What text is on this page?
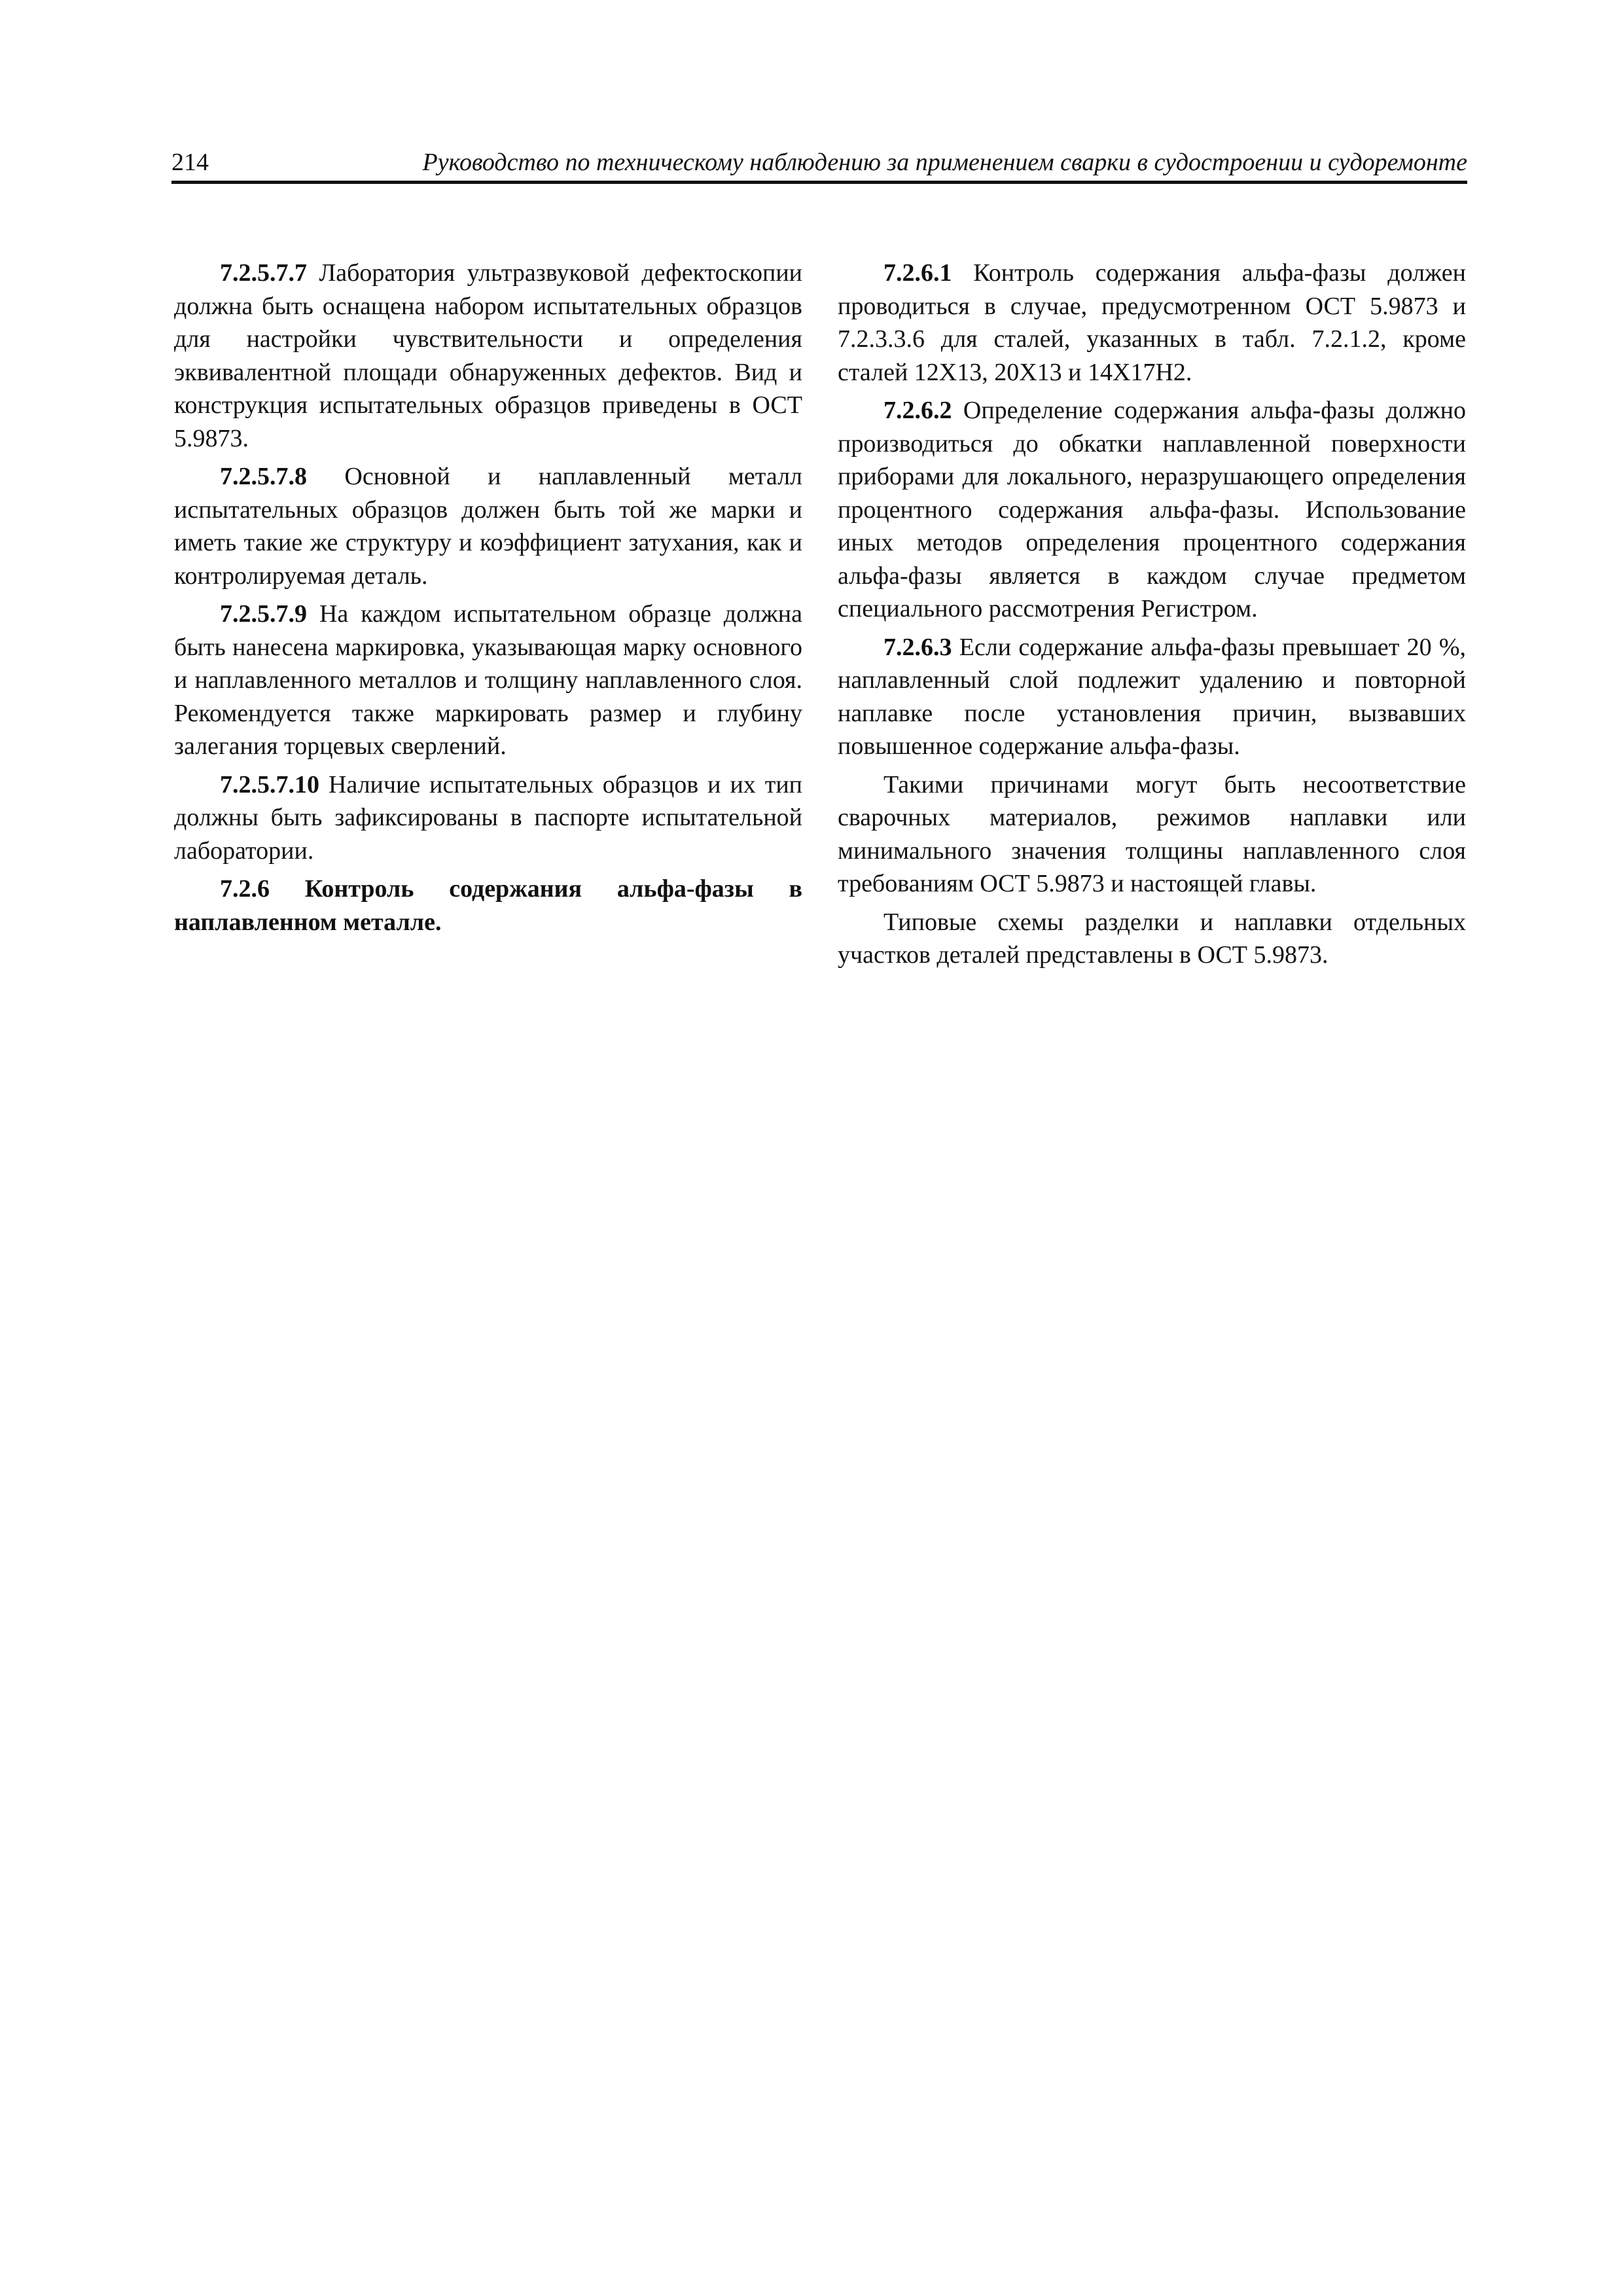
214	Руководство по техническому наблюдению за применением сварки в судостроении и судоремонте

7.2.5.7.7 Лаборатория ультразвуковой дефектоскопии должна быть оснащена набором испытательных образцов для настройки чувствительности и определения эквивалентной площади обнаруженных дефектов. Вид и конструкция испытательных образцов приведены в ОСТ 5.9873.

7.2.5.7.8 Основной и наплавленный металл испытательных образцов должен быть той же марки и иметь такие же структуру и коэффициент затухания, как и контролируемая деталь.

7.2.5.7.9 На каждом испытательном образце должна быть нанесена маркировка, указывающая марку основного и наплавленного металлов и толщину наплавленного слоя. Рекомендуется также маркировать размер и глубину залегания торцевых сверлений.

7.2.5.7.10 Наличие испытательных образцов и их тип должны быть зафиксированы в паспорте испытательной лаборатории.

7.2.6 Контроль содержания альфа-фазы в наплавленном металле.

7.2.6.1 Контроль содержания альфа-фазы должен проводиться в случае, предусмотренном ОСТ 5.9873 и 7.2.3.3.6 для сталей, указанных в табл. 7.2.1.2, кроме сталей 12Х13, 20Х13 и 14Х17Н2.

7.2.6.2 Определение содержания альфа-фазы должно производиться до обкатки наплавленной поверхности приборами для локального, неразрушающего определения процентного содержания альфа-фазы. Использование иных методов определения процентного содержания альфа-фазы является в каждом случае предметом специального рассмотрения Регистром.

7.2.6.3 Если содержание альфа-фазы превышает 20 %, наплавленный слой подлежит удалению и повторной наплавке после установления причин, вызвавших повышенное содержание альфа-фазы.

Такими причинами могут быть несоответствие сварочных материалов, режимов наплавки или минимального значения толщины наплавленного слоя требованиям ОСТ 5.9873 и настоящей главы.

Типовые схемы разделки и наплавки отдельных участков деталей представлены в ОСТ 5.9873.
